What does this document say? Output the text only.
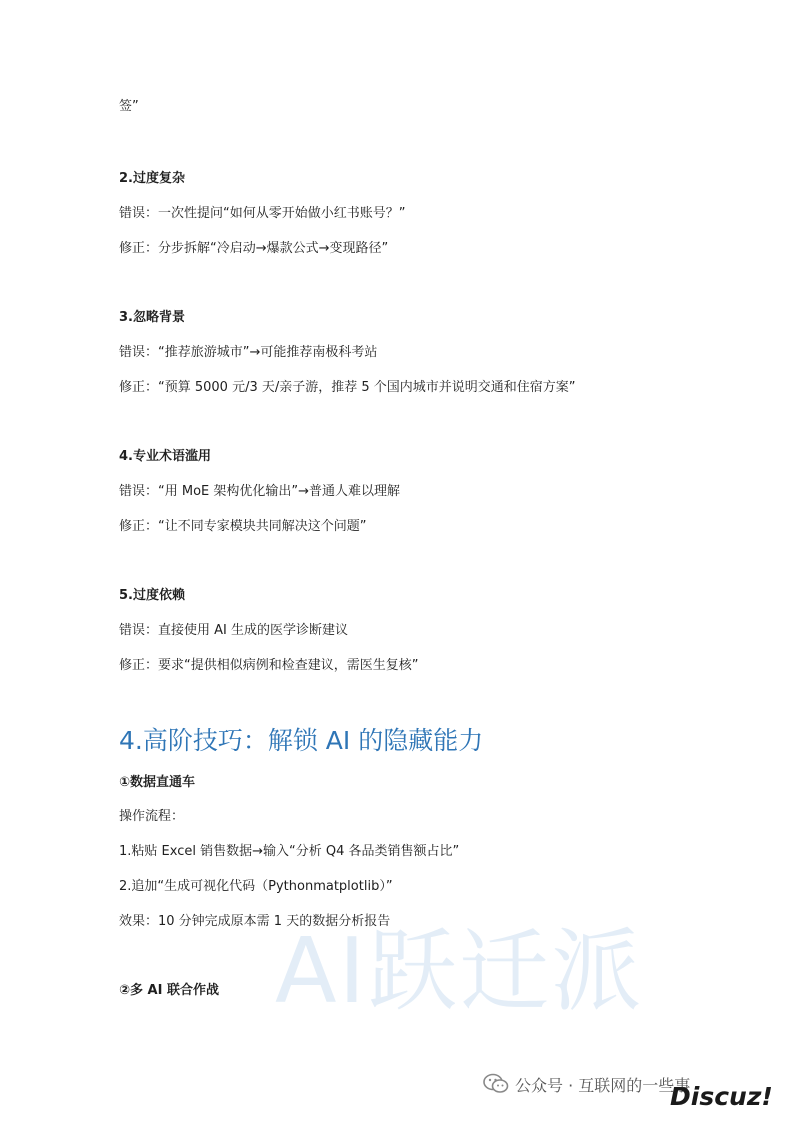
签”
2.过度复杂
错误：一次性提问“如何从零开始做小红书账号？”
修正：分步拆解“冷启动→爆款公式→变现路径”
3.忽略背景
错误：“推荐旅游城市”→可能推荐南极科考站
修正：“预算 5000 元/3 天/亲子游，推荐 5 个国内城市并说明交通和住宿方案”
4.专业术语滥用
错误：“用 MoE 架构优化输出”→普通人难以理解
修正：“让不同专家模块共同解决这个问题”
5.过度依赖
错误：直接使用 AI 生成的医学诊断建议
修正：要求“提供相似病例和检查建议，需医生复核”
4.高阶技巧：解锁 AI 的隐藏能力
①数据直通车
操作流程：
1.粘贴 Excel 销售数据→输入“分析 Q4 各品类销售额占比”
2.追加“生成可视化代码（Pythonmatplotlib）”
AI跃迁派
效果：10 分钟完成原本需 1 天的数据分析报告
②多 AI 联合作战
公众号 · 互联网的一些事
Discuz!
